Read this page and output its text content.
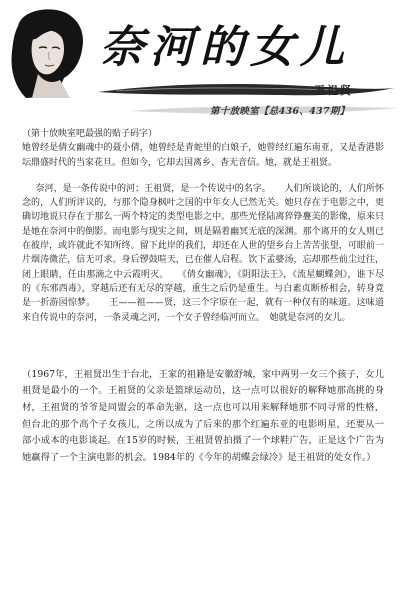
奈河的女儿
王祖贤
第十放映室【总436、437期】

（第十放映室吧最强的贴子码字）

她曾经是倩女幽魂中的聂小倩，她曾经是青蛇里的白娘子，她曾经红遍东南亚，又是香港影坛鼎盛时代的当家花旦。但如今，它却去国离乡、杳无音信。她，就是王祖贤。

奈河，是一条传说中的河；王祖贤，是一个传说中的名字。　　人们所谈论的，人们所怀念的，人们所评议的，与那个隐身枫叶之国的中年女人已然无关。她只存在于电影之中，更确切地说只存在于那么一两个特定的类型电影之中。那些光怪陆离猝铮亹美的影像，原来只是她在奈河中的倒影。而电影与现实之间，则是隔着幽冥无底的深渊。那个离开的女人则已在彼岸，或许就此不知所终。留下此岸的我们，却还在人世的望乡台上苦苦张望，可眼前一片烟涛微茫，信无可求。身后锣鼓喧天，已在催人启程。饮下孟婆汤，忘却那些前尘过往，闭上眼睛，任由那滴之中云霞明灭。　　《倩女幽魂》，《阴阳法王》，《流星蝴蝶剑》，谁下尽的《东邪西毒》，穿越后还有无尽的穿越，重生之后仍是重生。与白素贞断桥相会，转身竟是一折游园惊梦。　　王——祖——贤，这三个字原在一起，就有一种仅有的味道。这味道来自传说中的奈河，一条灵魂之河，一个女子曾经临河而立。　她就是奈河的女儿。

（1967年，王祖贤出生于台北，王家的祖籍是安徽舒城，家中两男一女三个孩子，女儿祖贤是最小的一个。王祖贤的父亲是篮球运动员，这一点可以很好的解释她那高挑的身材，王祖贤的爷爷是同盟会的革命先驱，这一点也可以用来解释她那不同寻常的性格，但台北的那个高个子女孩儿，之所以成为了后来的那个红遍东亚的电影明星，还要从一部小成本的电影谈起。在15岁的时候，王祖贤曾拍摄了一个球鞋广告，正是这个广告为她赢得了一个主演电影的机会。1984年的《今年的胡蝶会绿冷》是王祖贤的处女作。）
